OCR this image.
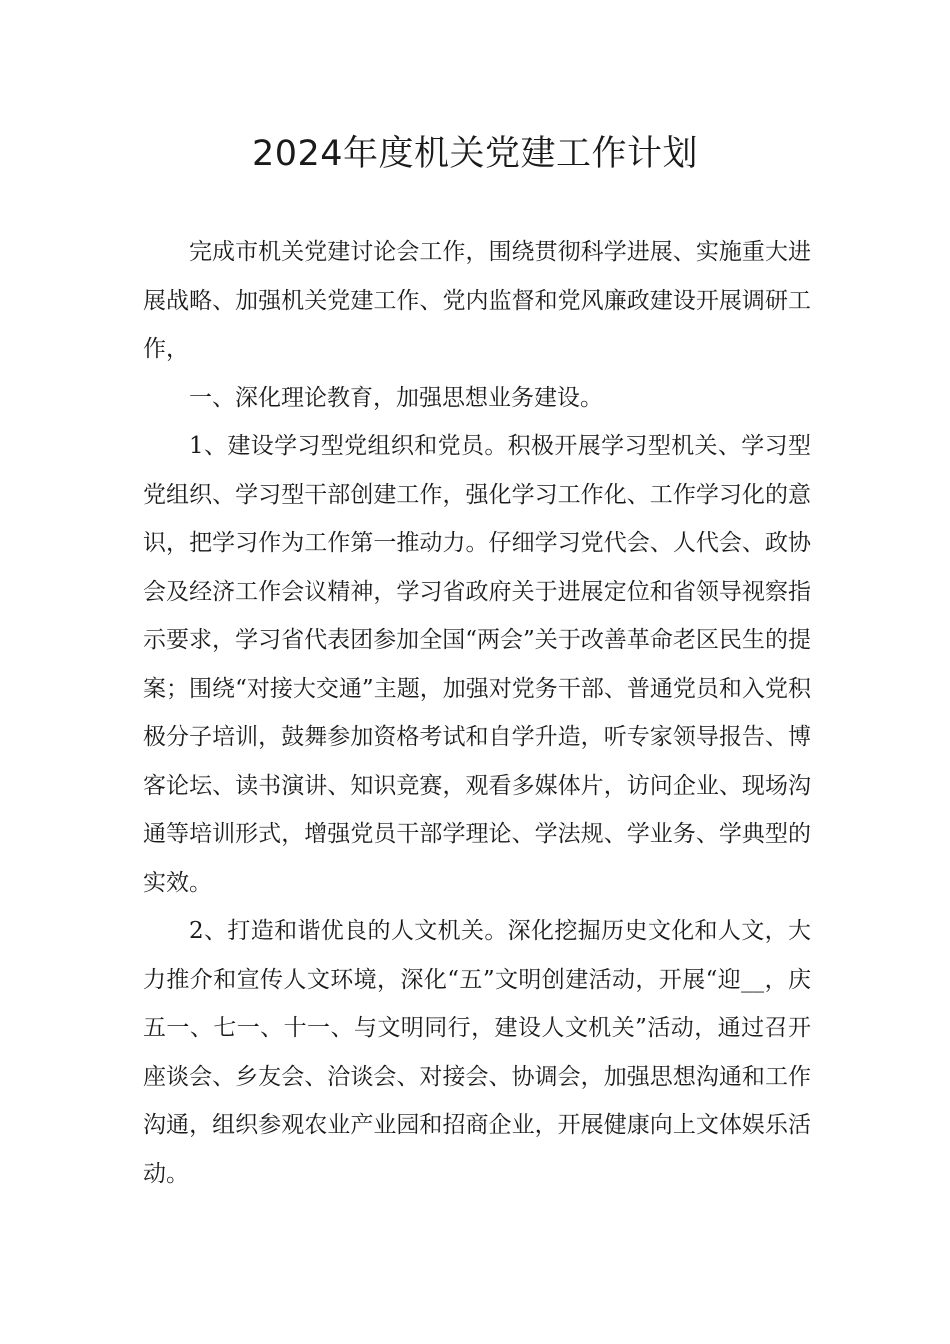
2024年度机关党建工作计划

完成市机关党建讨论会工作，围绕贯彻科学进展、实施重大进展战略、加强机关党建工作、党内监督和党风廉政建设开展调研工作，

一、深化理论教育，加强思想业务建设。

1、建设学习型党组织和党员。积极开展学习型机关、学习型党组织、学习型干部创建工作，强化学习工作化、工作学习化的意识，把学习作为工作第一推动力。仔细学习党代会、人代会、政协会及经济工作会议精神，学习省政府关于进展定位和省领导视察指示要求，学习省代表团参加全国“两会”关于改善革命老区民生的提案；围绕“对接大交通”主题，加强对党务干部、普通党员和入党积极分子培训，鼓舞参加资格考试和自学升造，听专家领导报告、博客论坛、读书演讲、知识竞赛，观看多媒体片，访问企业、现场沟通等培训形式，增强党员干部学理论、学法规、学业务、学典型的实效。

2、打造和谐优良的人文机关。深化挖掘历史文化和人文，大力推介和宣传人文环境，深化“五”文明创建活动，开展“迎__，庆五一、七一、十一、与文明同行，建设人文机关”活动，通过召开座谈会、乡友会、洽谈会、对接会、协调会，加强思想沟通和工作沟通，组织参观农业产业园和招商企业，开展健康向上文体娱乐活动。
